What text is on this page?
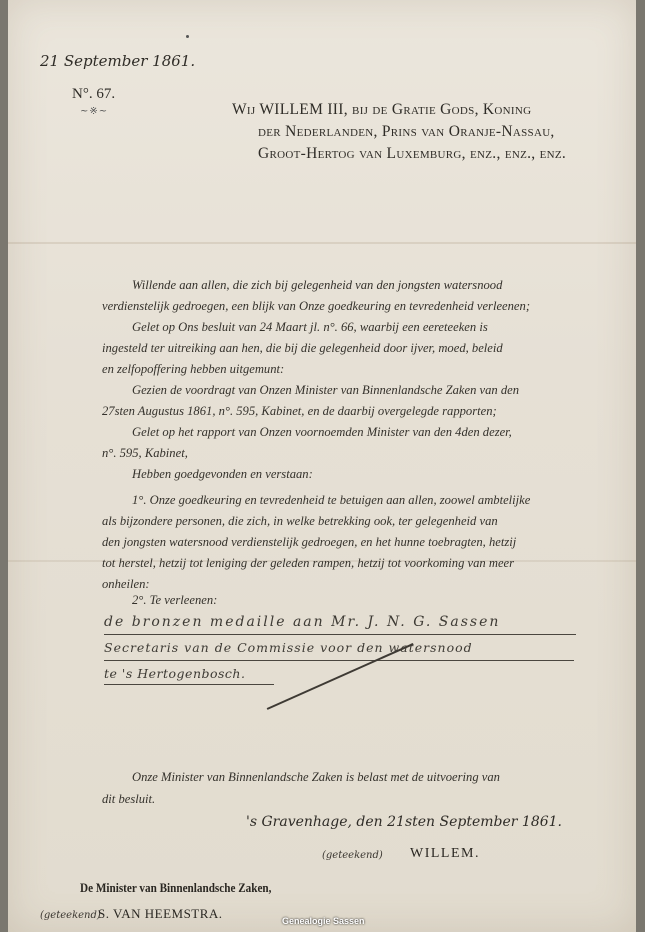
21 September 1861.
N°. 67.
~※~	Wij WILLEM III, bij de Gratie Gods, Koning
der Nederlanden, Prins van Oranje-Nassau,
Groot-Hertog van Luxemburg, enz., enz., enz.
Willende aan allen, die zich bij gelegenheid van den jongsten watersnood
verdienstelijk gedroegen, een blijk van Onze goedkeuring en tevredenheid verleenen;
Gelet op Ons besluit van 24 Maart jl. n°. 66, waarbij een eereteeken is
ingesteld ter uitreiking aan hen, die bij die gelegenheid door ijver, moed, beleid
en zelfopoffering hebben uitgemunt:
Gezien de voordragt van Onzen Minister van Binnenlandsche Zaken van den
27sten Augustus 1861, n°. 595, Kabinet, en de daarbij overgelegde rapporten;
Gelet op het rapport van Onzen voornoemden Minister van den 4den dezer,
n°. 595, Kabinet,
Hebben goedgevonden en verstaan:
1°. Onze goedkeuring en tevredenheid te betuigen aan allen, zoowel ambtelijke
als bijzondere personen, die zich, in welke betrekking ook, ter gelegenheid van
den jongsten watersnood verdienstelijk gedroegen, en het hunne toebragten, hetzij
tot herstel, hetzij tot leniging der geleden rampen, hetzij tot voorkoming van meer
onheilen:
2°. Te verleenen:
de bronzen medaille aan Mr. J. N. G. Sassen
Secretaris van de Commissie voor den watersnood
te 's Hertogenbosch.
Onze Minister van Binnenlandsche Zaken is belast met de uitvoering van
dit besluit.
's Gravenhage, den 21sten September 1861.
(geteekend) WILLEM.
De Minister van Binnenlandsche Zaken,
(geteekend)
S. VAN HEEMSTRA.	Genealogie Sassen
